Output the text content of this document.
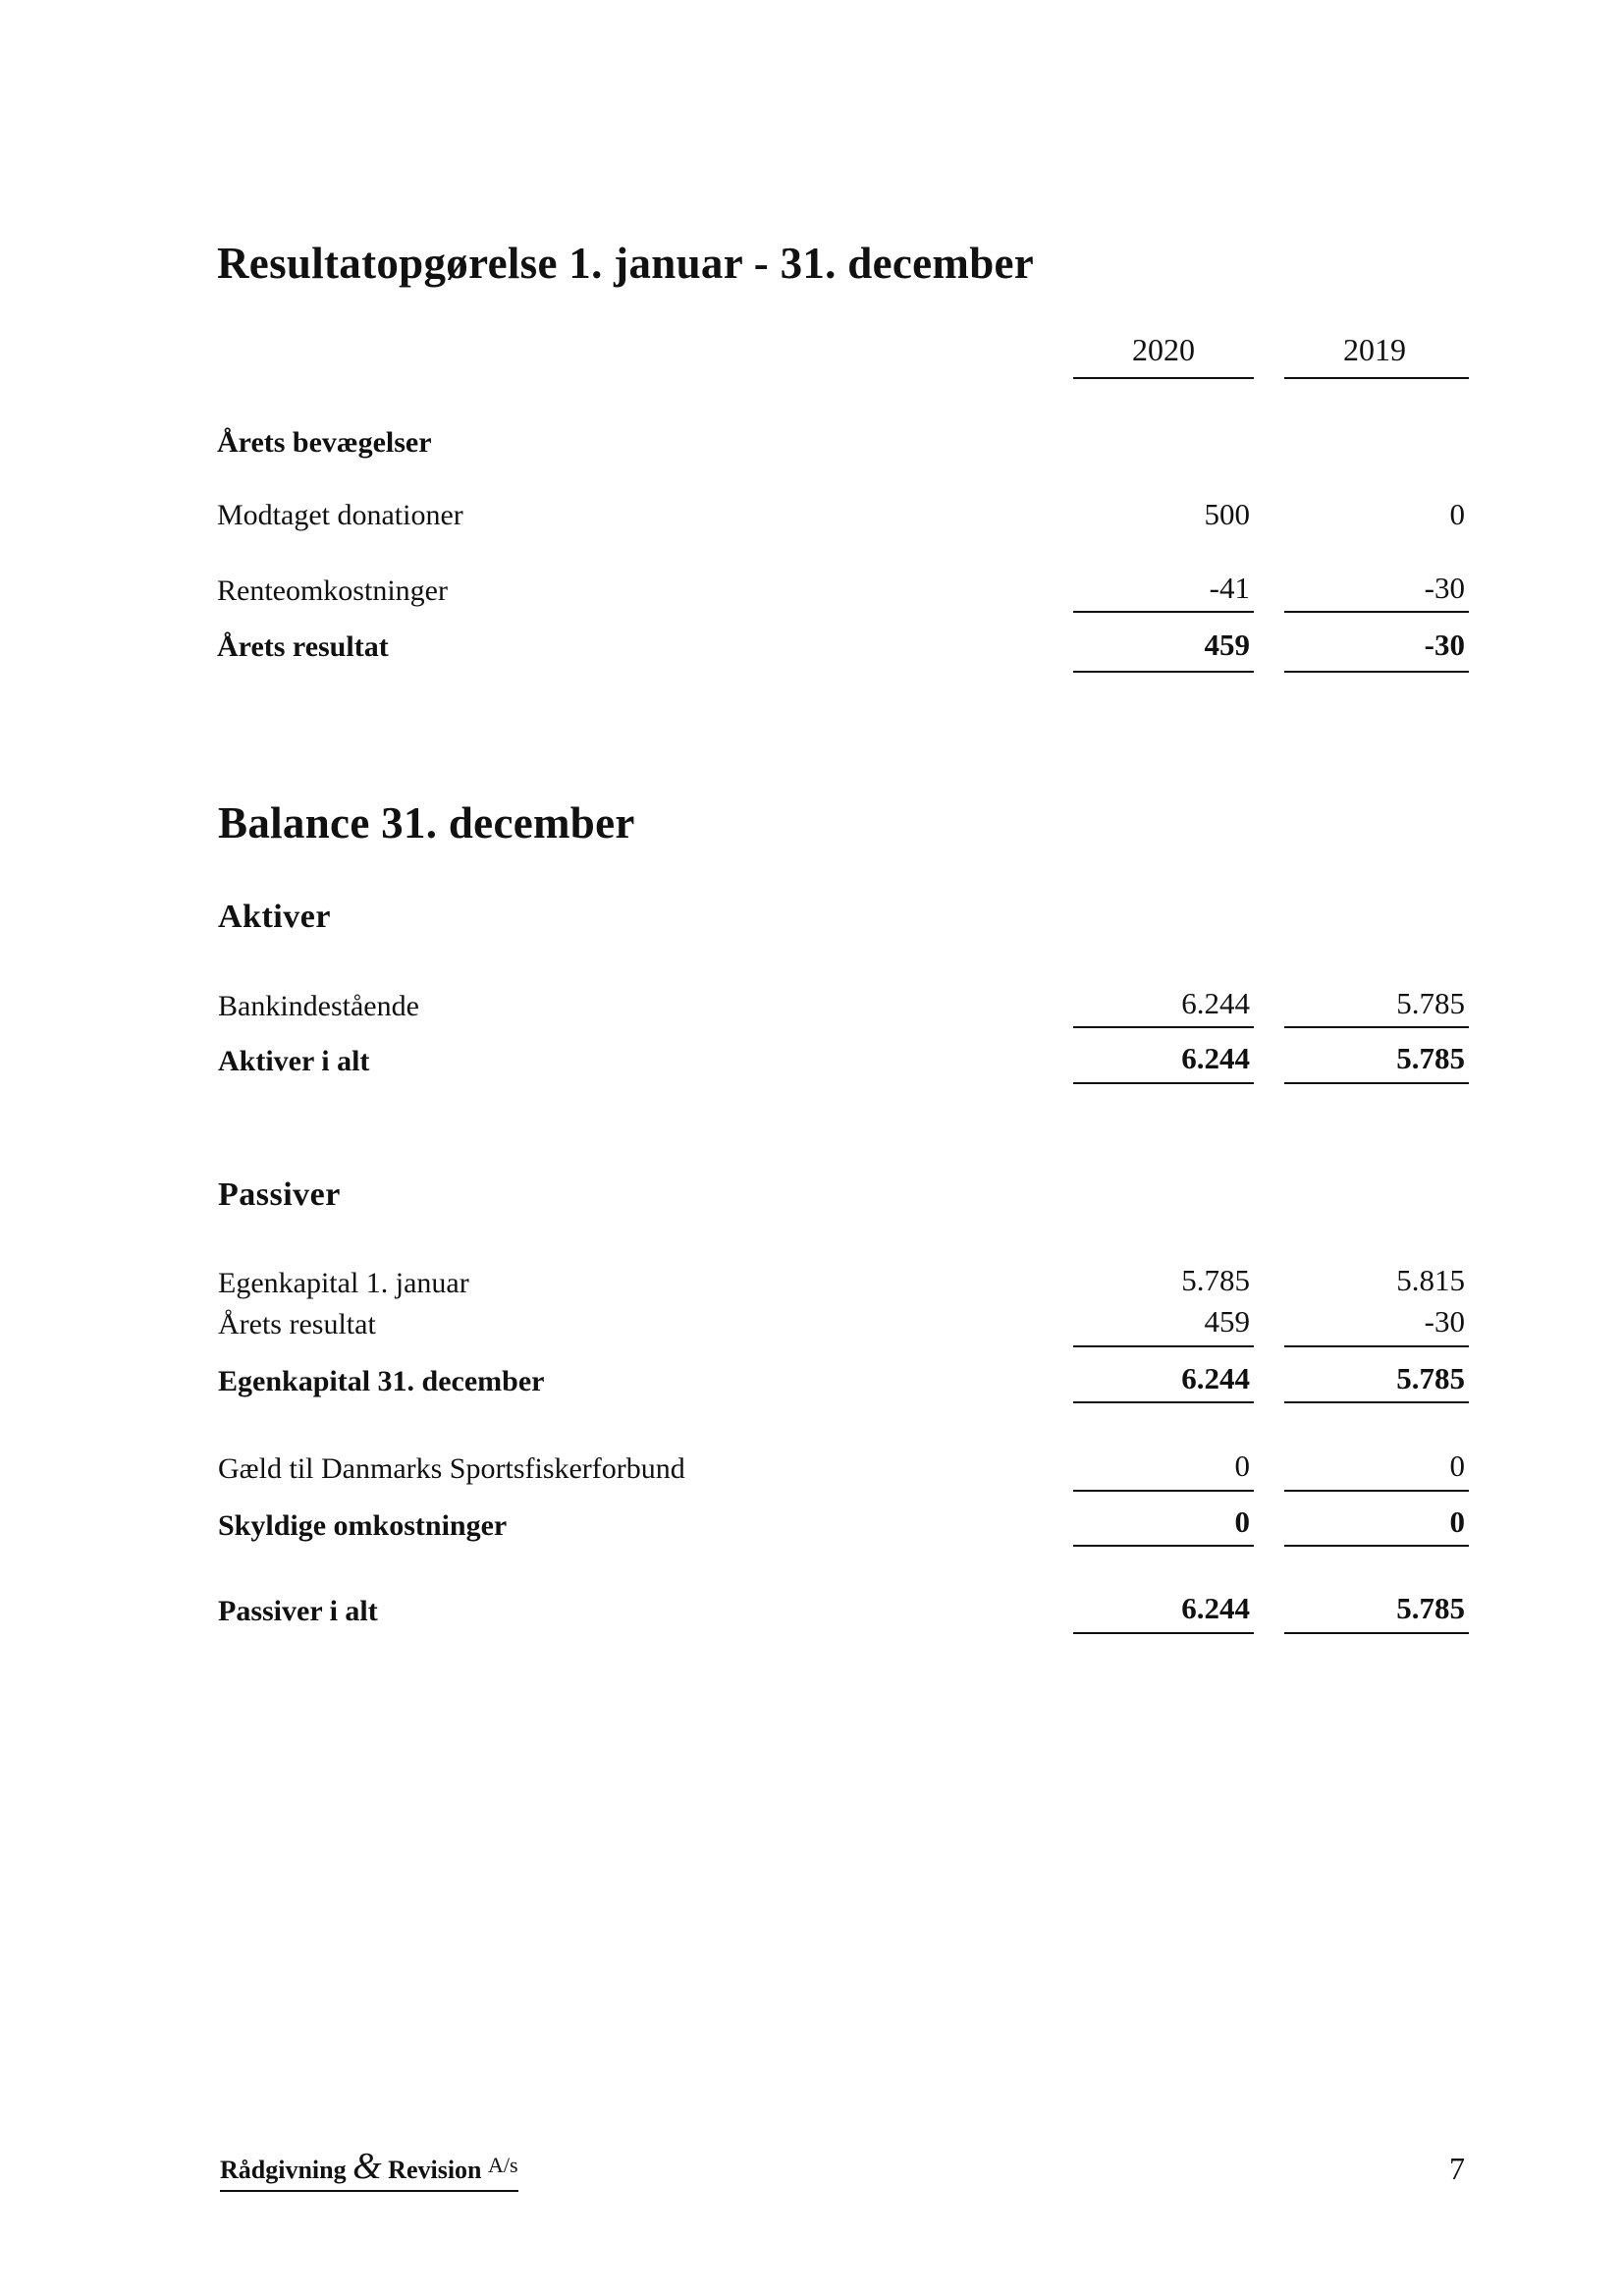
Resultatopgørelse 1. januar - 31. december
2020	2019
Årets bevægelser
Modtaget donationer	500	0
Renteomkostninger	-41	-30
Årets resultat	459	-30
Balance 31. december
Aktiver
Bankindestående	6.244	5.785
Aktiver i alt	6.244	5.785
Passiver
Egenkapital 1. januar	5.785	5.815
Årets resultat	459	-30
Egenkapital 31. december	6.244	5.785
Gæld til Danmarks Sportsfiskerforbund	0	0
Skyldige omkostninger	0	0
Passiver i alt	6.244	5.785
Rådgivning & Revision $^{A/s}$	7
